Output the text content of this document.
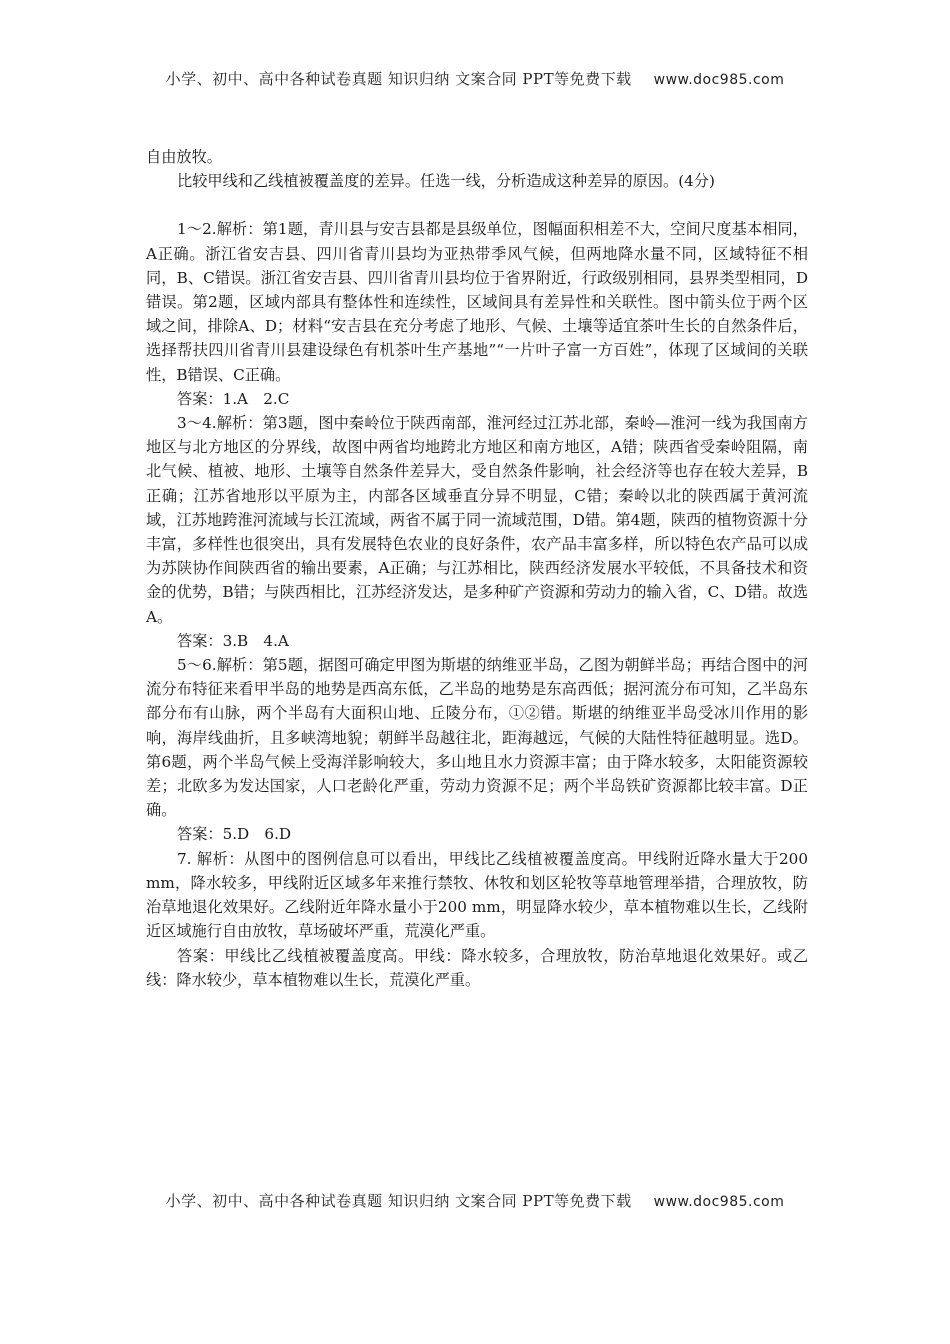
小学、初中、高中各种试卷真题 知识归纳 文案合同 PPT等免费下载 www.doc985.com

自由放牧。

比较甲线和乙线植被覆盖度的差异。任选一线，分析造成这种差异的原因。(4分)

1～2.解析：第1题，青川县与安吉县都是县级单位，图幅面积相差不大，空间尺度基本相同，A正确。浙江省安吉县、四川省青川县均为亚热带季风气候，但两地降水量不同，区域特征不相同，B、C错误。浙江省安吉县、四川省青川县均位于省界附近，行政级别相同，县界类型相同，D错误。第2题，区域内部具有整体性和连续性，区域间具有差异性和关联性。图中箭头位于两个区域之间，排除A、D；材料“安吉县在充分考虑了地形、气候、土壤等适宜茶叶生长的自然条件后，选择帮扶四川省青川县建设绿色有机茶叶生产基地”“一片叶子富一方百姓”，体现了区域间的关联性，B错误、C正确。

答案：1.A　2.C

3～4.解析：第3题，图中秦岭位于陕西南部，淮河经过江苏北部，秦岭—淮河一线为我国南方地区与北方地区的分界线，故图中两省均地跨北方地区和南方地区，A错；陕西省受秦岭阻隔，南北气候、植被、地形、土壤等自然条件差异大，受自然条件影响，社会经济等也存在较大差异，B正确；江苏省地形以平原为主，内部各区域垂直分异不明显，C错；秦岭以北的陕西属于黄河流域，江苏地跨淮河流域与长江流域，两省不属于同一流域范围，D错。第4题，陕西的植物资源十分丰富，多样性也很突出，具有发展特色农业的良好条件，农产品丰富多样，所以特色农产品可以成为苏陕协作间陕西省的输出要素，A正确；与江苏相比，陕西经济发展水平较低，不具备技术和资金的优势，B错；与陕西相比，江苏经济发达，是多种矿产资源和劳动力的输入省，C、D错。故选A。

答案：3.B　4.A

5～6.解析：第5题，据图可确定甲图为斯堪的纳维亚半岛，乙图为朝鲜半岛；再结合图中的河流分布特征来看甲半岛的地势是西高东低，乙半岛的地势是东高西低；据河流分布可知，乙半岛东部分布有山脉，两个半岛有大面积山地、丘陵分布，①②错。斯堪的纳维亚半岛受冰川作用的影响，海岸线曲折，且多峡湾地貌；朝鲜半岛越往北，距海越远，气候的大陆性特征越明显。选D。第6题，两个半岛气候上受海洋影响较大，多山地且水力资源丰富；由于降水较多，太阳能资源较差；北欧多为发达国家，人口老龄化严重，劳动力资源不足；两个半岛铁矿资源都比较丰富。D正确。

答案：5.D　6.D

7. 解析：从图中的图例信息可以看出，甲线比乙线植被覆盖度高。甲线附近降水量大于200 mm，降水较多，甲线附近区域多年来推行禁牧、休牧和划区轮牧等草地管理举措，合理放牧，防治草地退化效果好。乙线附近年降水量小于200 mm，明显降水较少，草本植物难以生长，乙线附近区域施行自由放牧，草场破坏严重，荒漠化严重。

答案：甲线比乙线植被覆盖度高。甲线：降水较多，合理放牧，防治草地退化效果好。或乙线：降水较少，草本植物难以生长，荒漠化严重。

小学、初中、高中各种试卷真题 知识归纳 文案合同 PPT等免费下载 www.doc985.com
